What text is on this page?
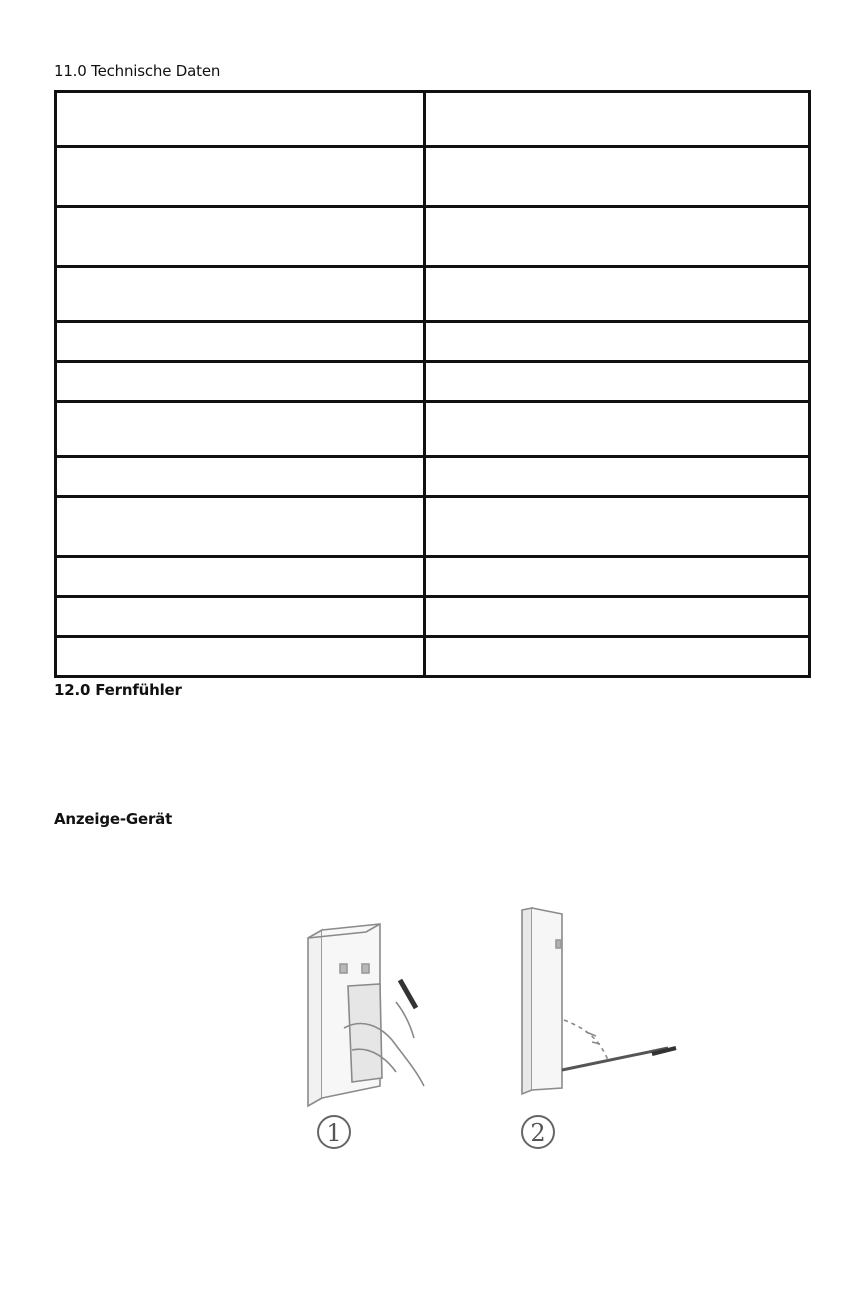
11.0 Technische Daten

12.0 Fernfühler
Anzeige-Gerät
1	2
